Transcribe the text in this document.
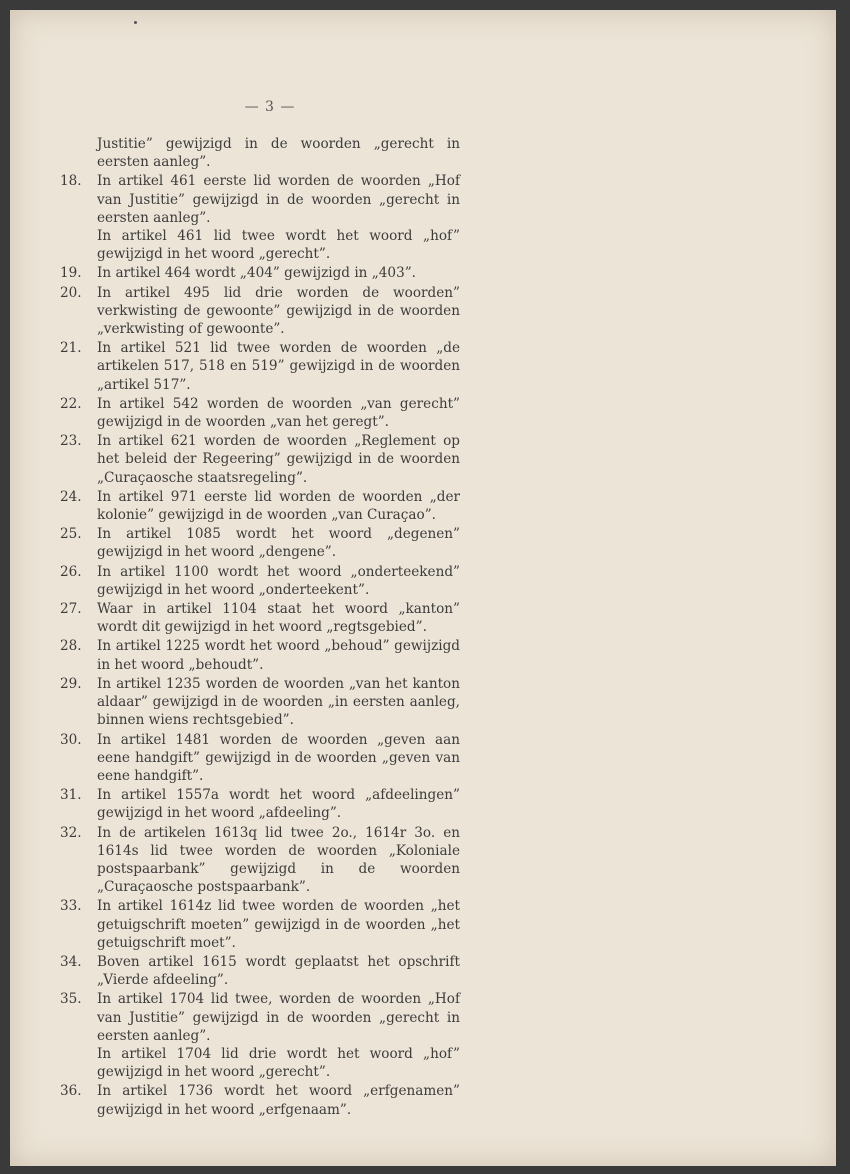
— 3 —
Justitie” gewijzigd in de woorden „gerecht in eersten aanleg”.
18.	In artikel 461 eerste lid worden de woorden „Hof van Justitie” gewijzigd in de woorden „gerecht in eersten aanleg”.

In artikel 461 lid twee wordt het woord „hof” gewijzigd in het woord „gerecht”.

19.	In artikel 464 wordt „404” gewijzigd in „403”.

20.	In artikel 495 lid drie worden de woorden” verkwisting de gewoonte” gewijzigd in de woorden „verkwisting of gewoonte”.

21.	In artikel 521 lid twee worden de woorden „de artikelen 517, 518 en 519” gewijzigd in de woorden „artikel 517”.

22.	In artikel 542 worden de woorden „van gerecht” gewijzigd in de woorden „van het geregt”.

23.	In artikel 621 worden de woorden „Reglement op het beleid der Regeering” gewijzigd in de woorden „Curaçaosche staatsregeling”.

24.	In artikel 971 eerste lid worden de woorden „der kolonie” gewijzigd in de woorden „van Curaçao”.

25.	In artikel 1085 wordt het woord „degenen” gewijzigd in het woord „dengene”.

26.	In artikel 1100 wordt het woord „onderteekend” gewijzigd in het woord „onderteekent”.

27.	Waar in artikel 1104 staat het woord „kanton” wordt dit gewijzigd in het woord „regtsgebied”.

28.	In artikel 1225 wordt het woord „behoud” gewijzigd in het woord „behoudt”.

29.	In artikel 1235 worden de woorden „van het kanton aldaar” gewijzigd in de woorden „in eersten aanleg, binnen wiens rechtsgebied”.

30.	In artikel 1481 worden de woorden „geven aan eene handgift” gewijzigd in de woorden „geven van eene handgift”.

31.	In artikel 1557a wordt het woord „afdeelingen” gewijzigd in het woord „afdeeling”.

32.	In de artikelen 1613q lid twee 2o., 1614r 3o. en 1614s lid twee worden de woorden „Koloniale postspaarbank” gewijzigd in de woorden „Curaçaosche postspaarbank”.

33.	In artikel 1614z lid twee worden de woorden „het getuigschrift moeten” gewijzigd in de woorden „het getuigschrift moet”.

34.	Boven artikel 1615 wordt geplaatst het opschrift „Vierde afdeeling”.

35.	In artikel 1704 lid twee, worden de woorden „Hof van Justitie” gewijzigd in de woorden „gerecht in eersten aanleg”.

In artikel 1704 lid drie wordt het woord „hof” gewijzigd in het woord „gerecht”.

36.	In artikel 1736 wordt het woord „erfgenamen” gewijzigd in het woord „erfgenaam”.
